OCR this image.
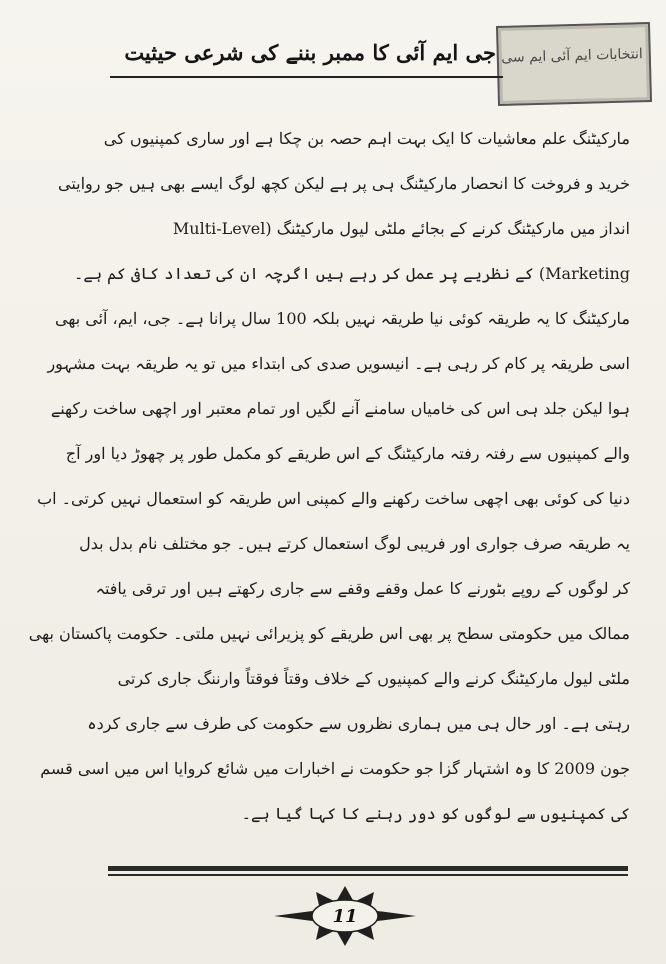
انتخابات ایم آئی ایم سی
جی ایم آئی کا ممبر بننے کی شرعی حیثیت
مارکیٹنگ علم معاشیات کا ایک بہت اہم حصہ بن چکا ہے اور ساری کمپنیوں کی
خرید و فروخت کا انحصار مارکیٹنگ ہی پر ہے لیکن کچھ لوگ ایسے بھی ہیں جو روایتی
انداز میں مارکیٹنگ کرنے کے بجائے ملٹی لیول مارکیٹنگ (Multi-Level
Marketing) کے نظریے پر عمل کر رہے ہیں اگرچہ ان کی تعداد کافی کم ہے۔
مارکیٹنگ کا یہ طریقہ کوئی نیا طریقہ نہیں بلکہ 100 سال پرانا ہے۔ جی، ایم، آئی بھی
اسی طریقہ پر کام کر رہی ہے۔ انیسویں صدی کی ابتداء میں تو یہ طریقہ بہت مشہور
ہوا لیکن جلد ہی اس کی خامیاں سامنے آنے لگیں اور تمام معتبر اور اچھی ساخت رکھنے
والے کمپنیوں سے رفتہ رفتہ مارکیٹنگ کے اس طریقے کو مکمل طور پر چھوڑ دیا اور آج
دنیا کی کوئی بھی اچھی ساخت رکھنے والے کمپنی اس طریقہ کو استعمال نہیں کرتی۔ اب
یہ طریقہ صرف جواری اور فریبی لوگ استعمال کرتے ہیں۔ جو مختلف نام بدل بدل
کر لوگوں کے روپے بٹورنے کا عمل وقفے وقفے سے جاری رکھتے ہیں اور ترقی یافتہ
ممالک میں حکومتی سطح پر بھی اس طریقے کو پزیرائی نہیں ملتی۔ حکومت پاکستان بھی
ملٹی لیول مارکیٹنگ کرنے والے کمپنیوں کے خلاف وقتاً فوقتاً وارننگ جاری کرتی
رہتی ہے۔ اور حال ہی میں ہماری نظروں سے حکومت کی طرف سے جاری کردہ
جون 2009 کا وہ اشتہار گزا جو حکومت نے اخبارات میں شائع کروایا اس میں اسی قسم
کی کمپنیوں سے لوگوں کو دور رہنے کا کہا گیا ہے۔
11
